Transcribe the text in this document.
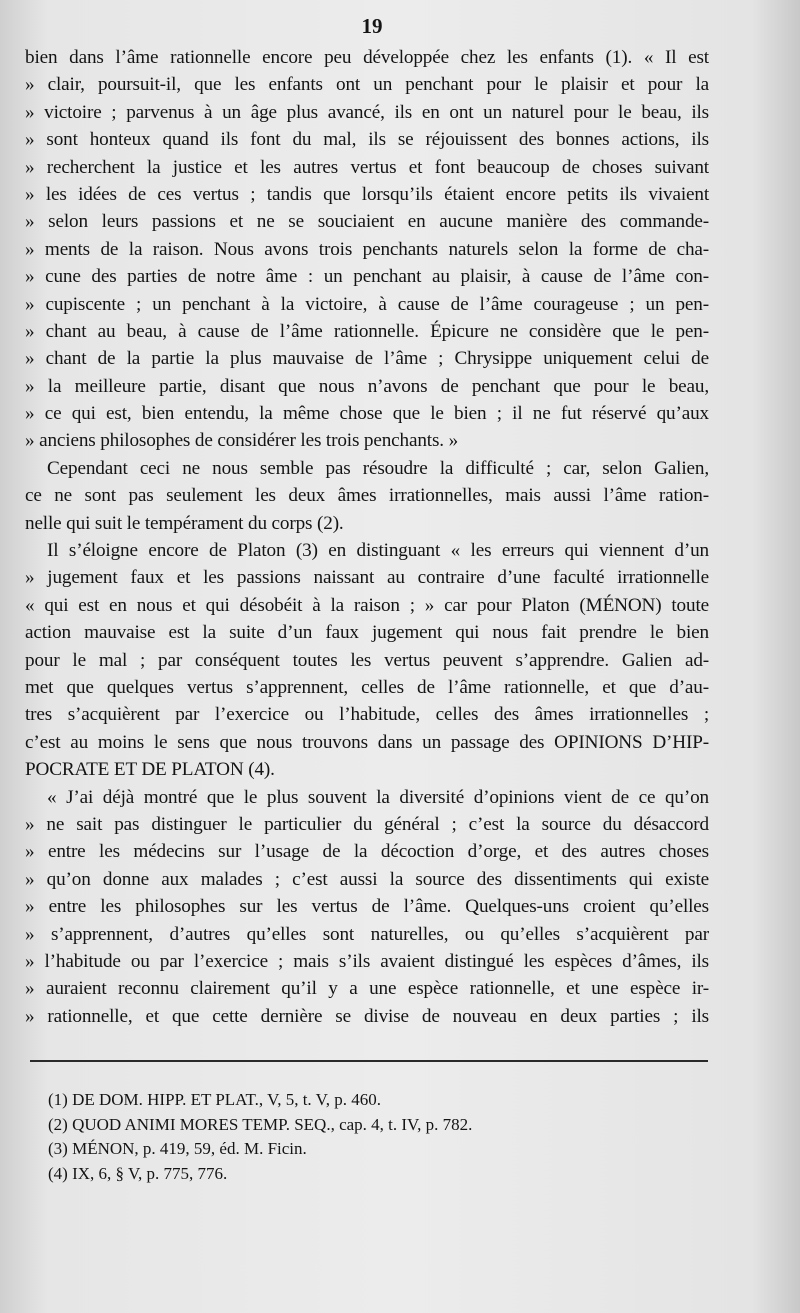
19
bien dans l’âme rationnelle encore peu développée chez les enfants (1). « Il est
» clair, poursuit-il, que les enfants ont un penchant pour le plaisir et pour la
» victoire ; parvenus à un âge plus avancé, ils en ont un naturel pour le beau, ils
» sont honteux quand ils font du mal, ils se réjouissent des bonnes actions, ils
» recherchent la justice et les autres vertus et font beaucoup de choses suivant
» les idées de ces vertus ; tandis que lorsqu’ils étaient encore petits ils vivaient
» selon leurs passions et ne se souciaient en aucune manière des commande-
» ments de la raison. Nous avons trois penchants naturels selon la forme de cha-
» cune des parties de notre âme : un penchant au plaisir, à cause de l’âme con-
» cupiscente ; un penchant à la victoire, à cause de l’âme courageuse ; un pen-
» chant au beau, à cause de l’âme rationnelle. Épicure ne considère que le pen-
» chant de la partie la plus mauvaise de l’âme ; Chrysippe uniquement celui de
» la meilleure partie, disant que nous n’avons de penchant que pour le beau,
» ce qui est, bien entendu, la même chose que le bien ; il ne fut réservé qu’aux
» anciens philosophes de considérer les trois penchants. »
Cependant ceci ne nous semble pas résoudre la difficulté ; car, selon Galien,
ce ne sont pas seulement les deux âmes irrationnelles, mais aussi l’âme ration-
nelle qui suit le tempérament du corps (2).
Il s’éloigne encore de Platon (3) en distinguant « les erreurs qui viennent d’un
» jugement faux et les passions naissant au contraire d’une faculté irrationnelle
« qui est en nous et qui désobéit à la raison ; » car pour Platon (MÉNON) toute
action mauvaise est la suite d’un faux jugement qui nous fait prendre le bien
pour le mal ; par conséquent toutes les vertus peuvent s’apprendre. Galien ad-
met que quelques vertus s’apprennent, celles de l’âme rationnelle, et que d’au-
tres s’acquièrent par l’exercice ou l’habitude, celles des âmes irrationnelles ;
c’est au moins le sens que nous trouvons dans un passage des OPINIONS D’HIP-
POCRATE ET DE PLATON (4).
« J’ai déjà montré que le plus souvent la diversité d’opinions vient de ce qu’on
» ne sait pas distinguer le particulier du général ; c’est la source du désaccord
» entre les médecins sur l’usage de la décoction d’orge, et des autres choses
» qu’on donne aux malades ; c’est aussi la source des dissentiments qui existe
» entre les philosophes sur les vertus de l’âme. Quelques-uns croient qu’elles
» s’apprennent, d’autres qu’elles sont naturelles, ou qu’elles s’acquièrent par
» l’habitude ou par l’exercice ; mais s’ils avaient distingué les espèces d’âmes, ils
» auraient reconnu clairement qu’il y a une espèce rationnelle, et une espèce ir-
» rationnelle, et que cette dernière se divise de nouveau en deux parties ; ils
(1) DE DOM. HIPP. ET PLAT., V, 5, t. V, p. 460.
(2) QUOD ANIMI MORES TEMP. SEQ., cap. 4, t. IV, p. 782.
(3) MÉNON, p. 419, 59, éd. M. Ficin.
(4) IX, 6, § V, p. 775, 776.
